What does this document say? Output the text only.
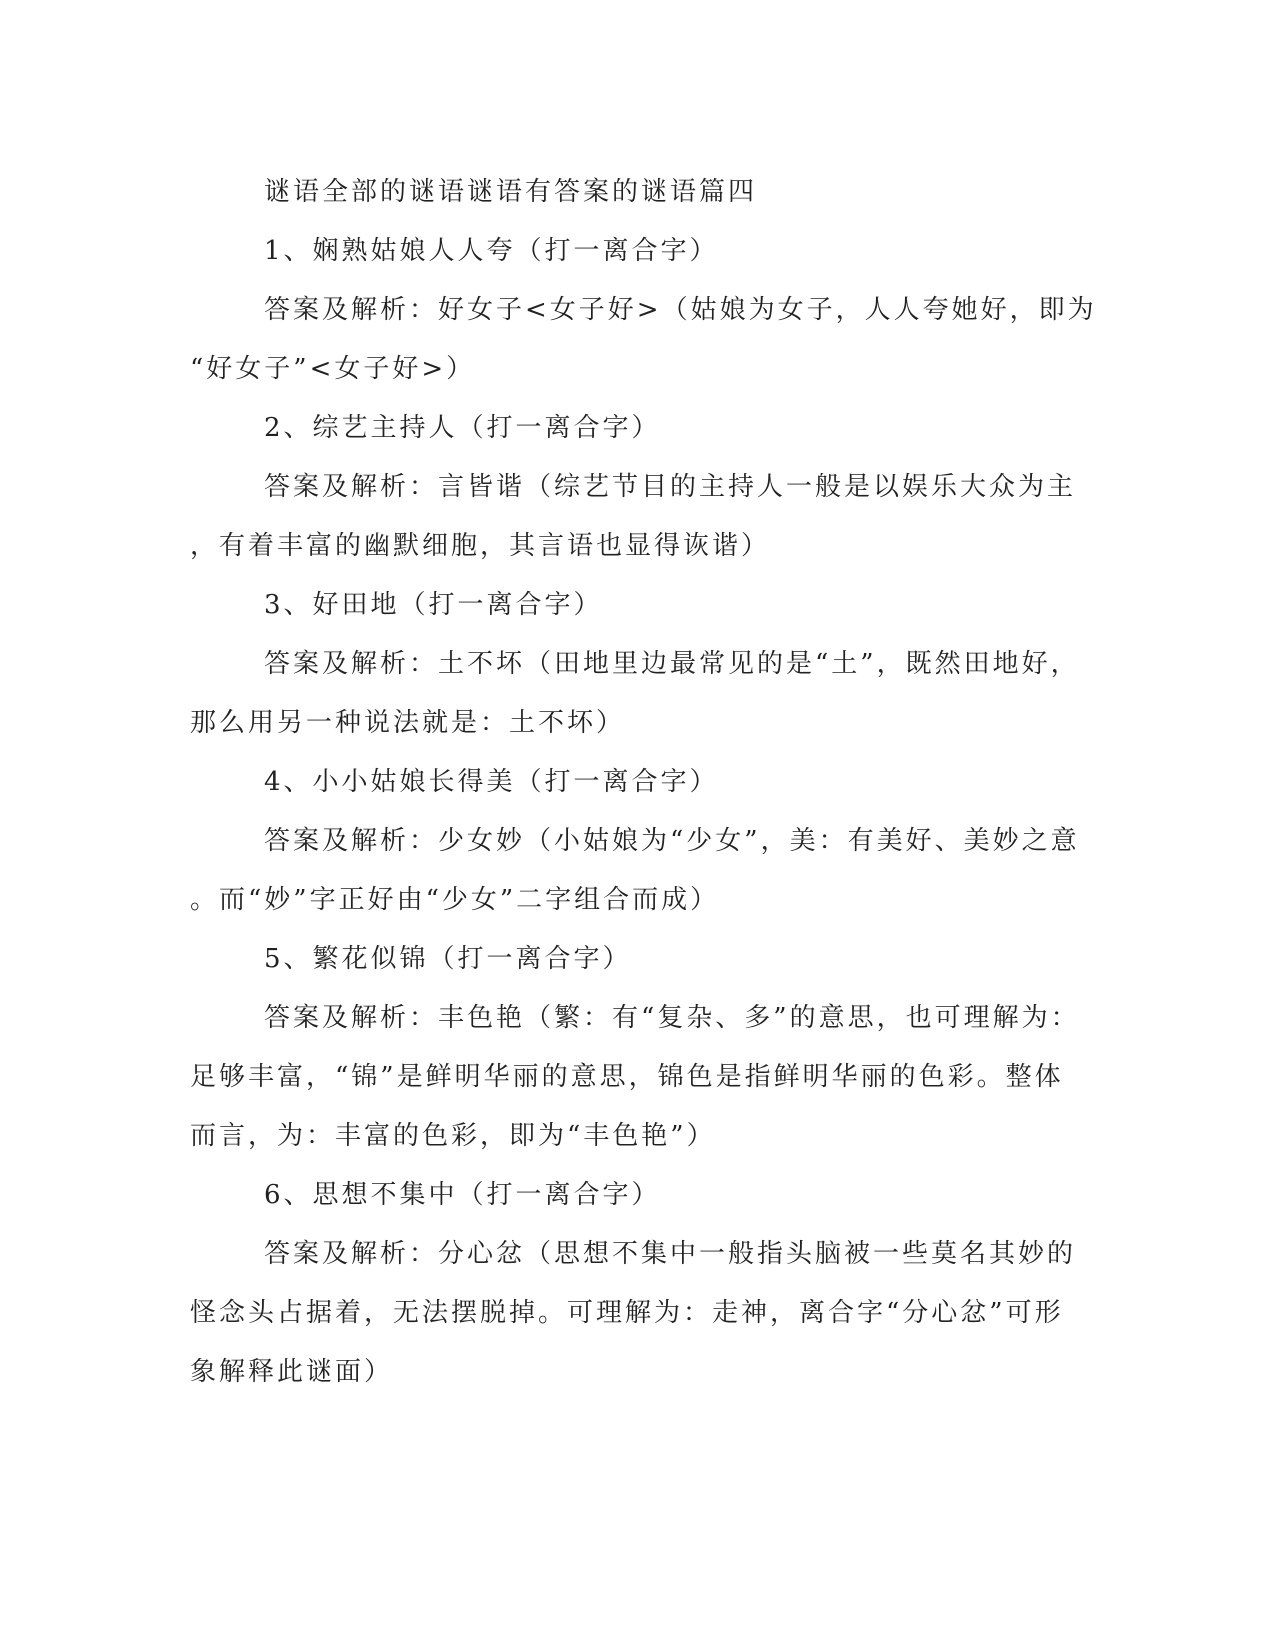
谜语全部的谜语谜语有答案的谜语篇四
1、娴熟姑娘人人夸（打一离合字）
答案及解析：好女子<女子好>（姑娘为女子，人人夸她好，即为
“好女子”<女子好>）
2、综艺主持人（打一离合字）
答案及解析：言皆谐（综艺节目的主持人一般是以娱乐大众为主
，有着丰富的幽默细胞，其言语也显得诙谐）
3、好田地（打一离合字）
答案及解析：土不坏（田地里边最常见的是“土”，既然田地好，
那么用另一种说法就是：土不坏）
4、小小姑娘长得美（打一离合字）
答案及解析：少女妙（小姑娘为“少女”，美：有美好、美妙之意
。而“妙”字正好由“少女”二字组合而成）
5、繁花似锦（打一离合字）
答案及解析：丰色艳（繁：有“复杂、多”的意思，也可理解为：
足够丰富，“锦”是鲜明华丽的意思，锦色是指鲜明华丽的色彩。整体
而言，为：丰富的色彩，即为“丰色艳”）
6、思想不集中（打一离合字）
答案及解析：分心忿（思想不集中一般指头脑被一些莫名其妙的
怪念头占据着，无法摆脱掉。可理解为：走神，离合字“分心忿”可形
象解释此谜面）
